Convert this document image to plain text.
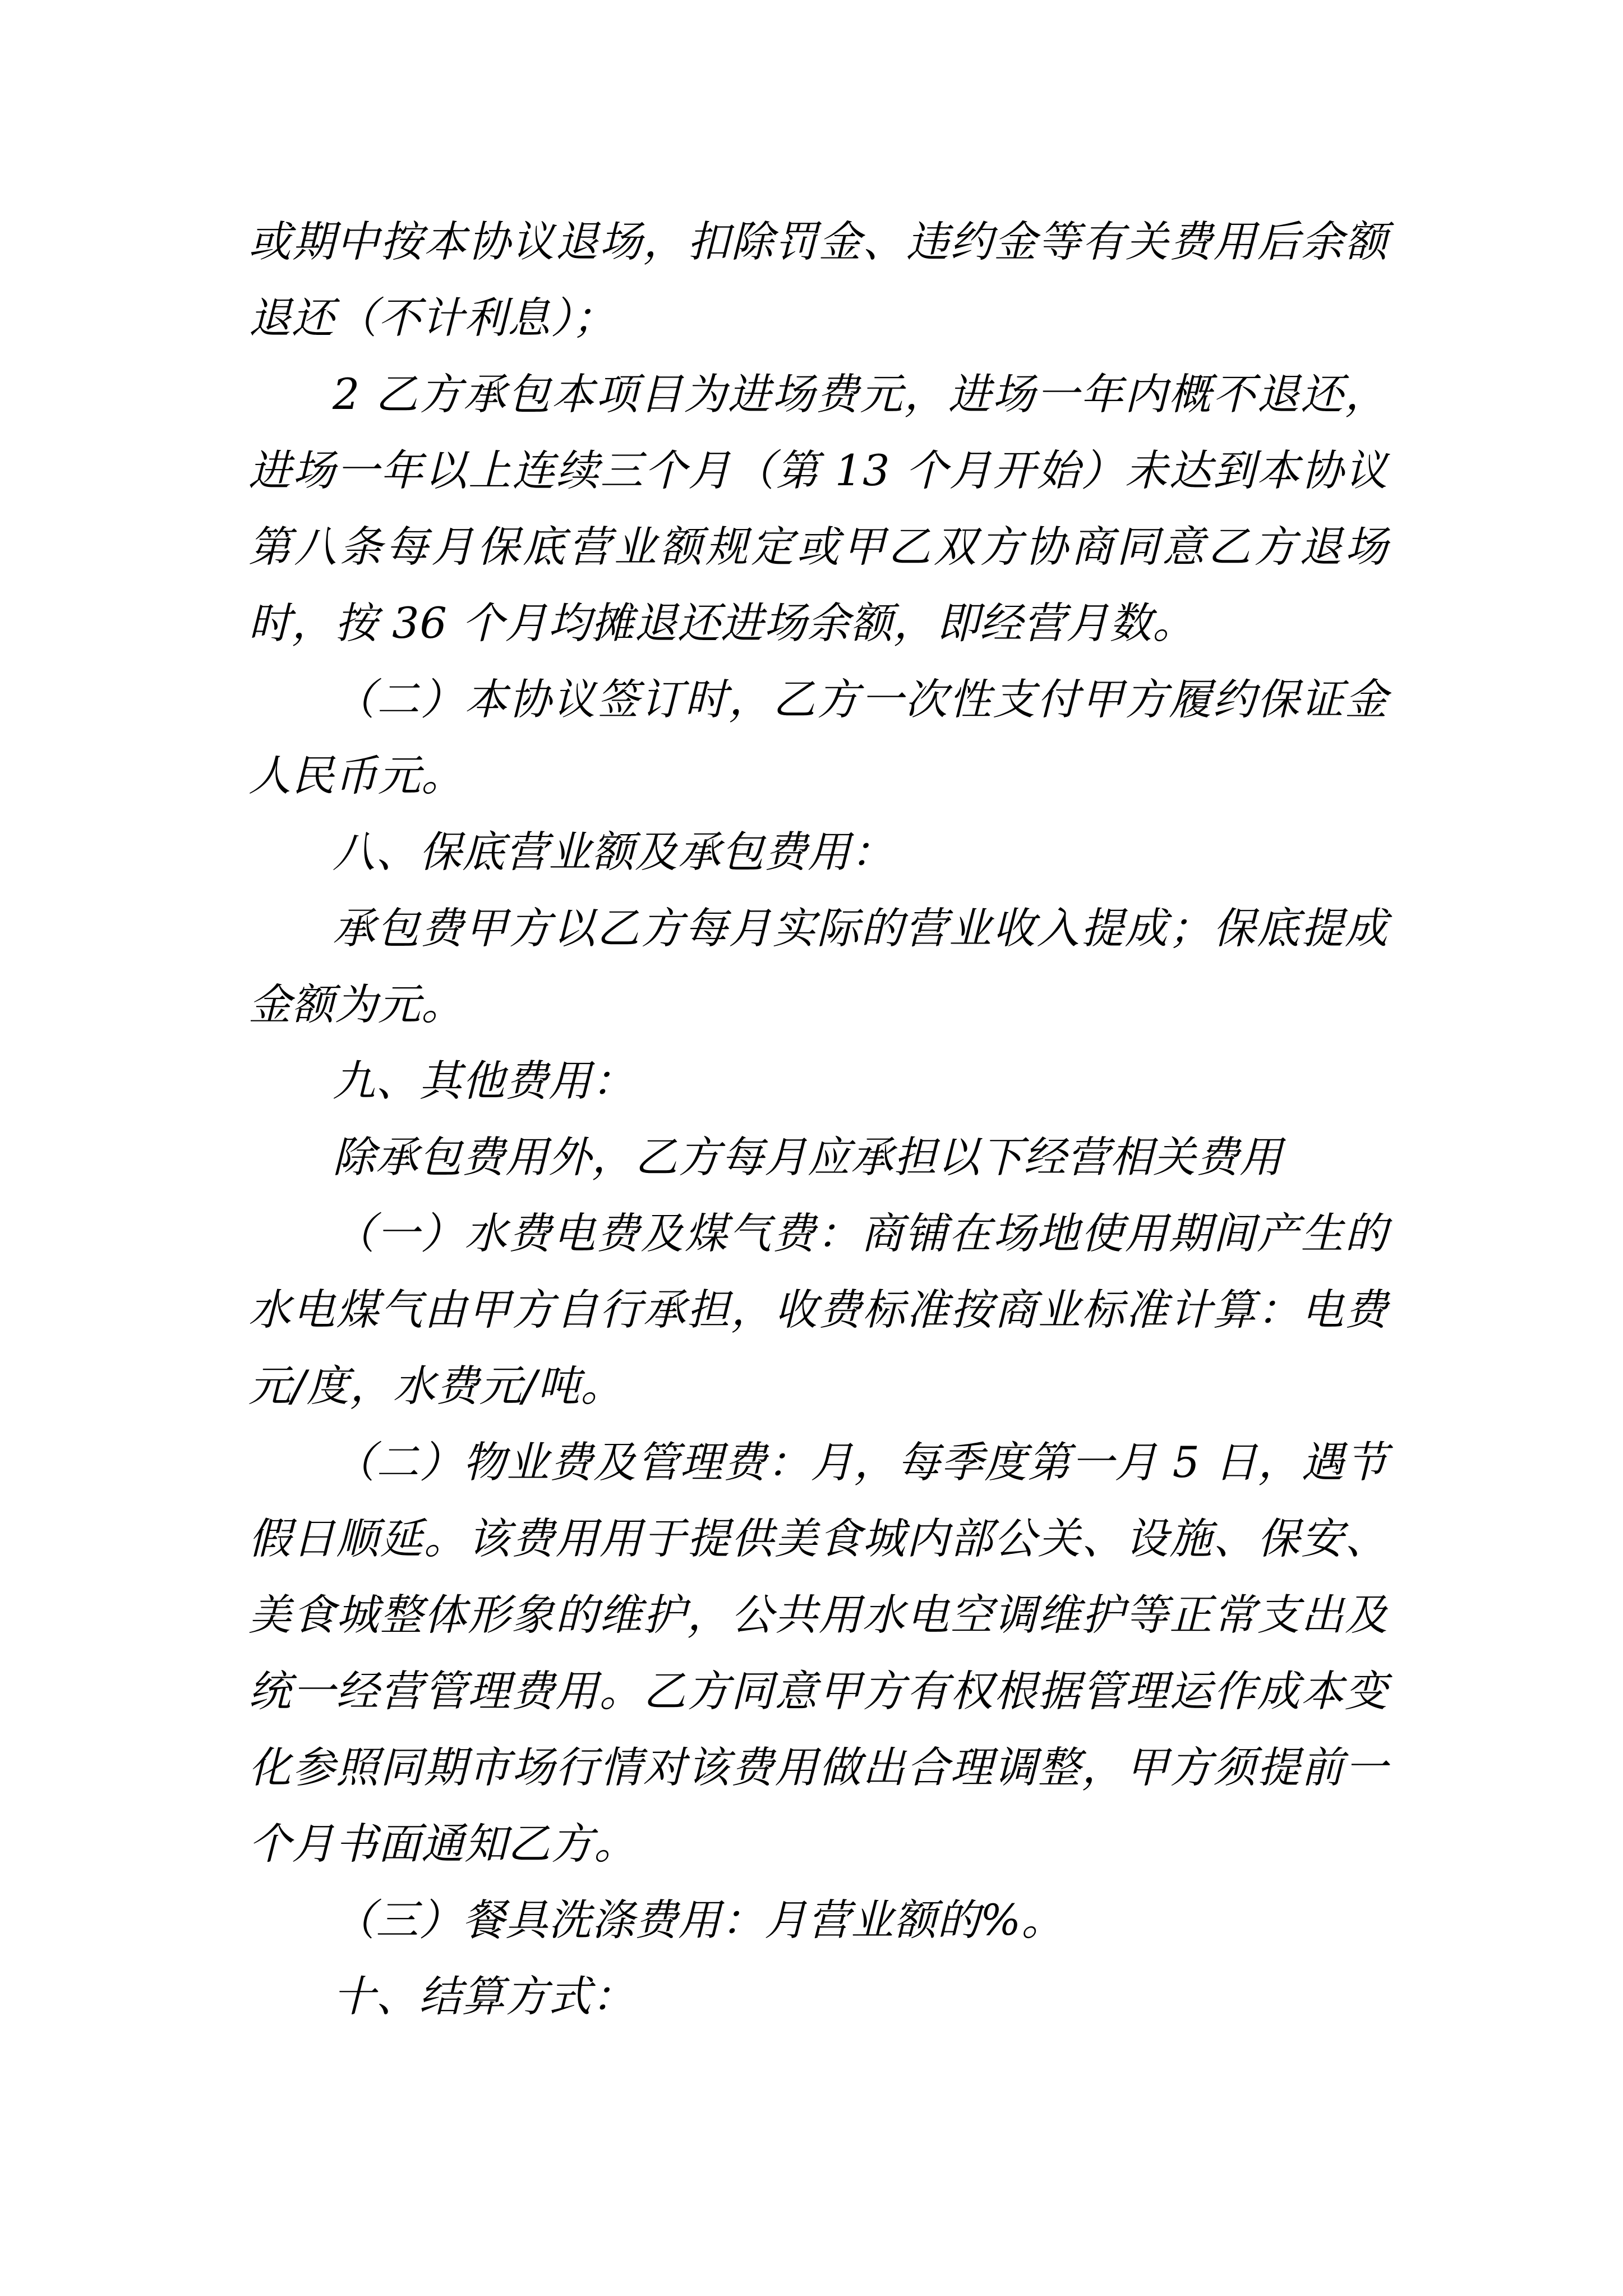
或期中按本协议退场，扣除罚金、违约金等有关费用后余额退还（不计利息）；

2 乙方承包本项目为进场费元，进场一年内概不退还，进场一年以上连续三个月（第 13 个月开始）未达到本协议第八条每月保底营业额规定或甲乙双方协商同意乙方退场时，按 36 个月均摊退还进场余额，即经营月数。

（二）本协议签订时，乙方一次性支付甲方履约保证金人民币元。

八、保底营业额及承包费用：

承包费甲方以乙方每月实际的营业收入提成；保底提成金额为元。

九、其他费用：

除承包费用外，乙方每月应承担以下经营相关费用

（一）水费电费及煤气费：商铺在场地使用期间产生的水电煤气由甲方自行承担，收费标准按商业标准计算：电费元/度，水费元/吨。

（二）物业费及管理费：月，每季度第一月 5 日，遇节假日顺延。该费用用于提供美食城内部公关、设施、保安、美食城整体形象的维护，公共用水电空调维护等正常支出及统一经营管理费用。乙方同意甲方有权根据管理运作成本变化参照同期市场行情对该费用做出合理调整，甲方须提前一个月书面通知乙方。

（三）餐具洗涤费用：月营业额的%。

十、结算方式：
